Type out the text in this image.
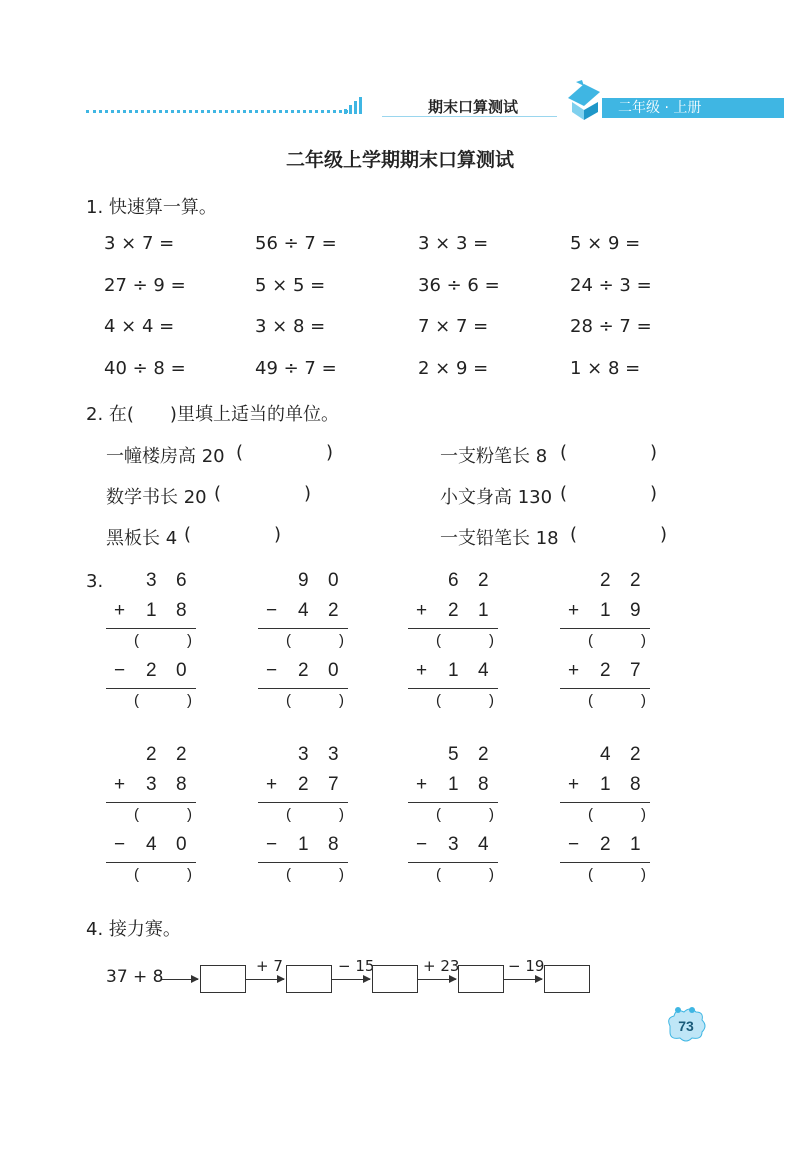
期末口算测试	二年级 · 上册
二年级上学期期末口算测试
1. 快速算一算。
3 × 7 =	56 ÷ 7 =	3 × 3 =	5 × 9 =
27 ÷ 9 =	5 × 5 =	36 ÷ 6 =	24 ÷ 3 =
4 × 4 =	3 × 8 =	7 × 7 =	28 ÷ 7 =
40 ÷ 8 =	49 ÷ 7 =	2 × 9 =	1 × 8 =
2. 在(　　)里填上适当的单位。
一幢楼房高 20 (	)	一支粉笔长 8 (	)
数学书长 20 (	)	小文身高 130 (	)
黑板长 4 (	)	一支铅笔长 18 (	)
3. 3 6
+ 1 8
(	)
− 2 0
(	)
9 0
− 4 2
(	)
− 2 0
(	)
6 2
+ 2 1
(	)
+ 1 4
(	)
2 2
+ 1 9
(	)
+ 2 7
(	)
2 2
+ 3 8
(	)
− 4 0
(	)
3 3
+ 2 7
(	)
− 1 8
(	)
5 2
+ 1 8
(	)
− 3 4
(	)
4 2
+ 1 8
(	)
− 2 1
(	)
4. 接力赛。
37 + 8
+ 7	− 15	+ 23	− 19
73
